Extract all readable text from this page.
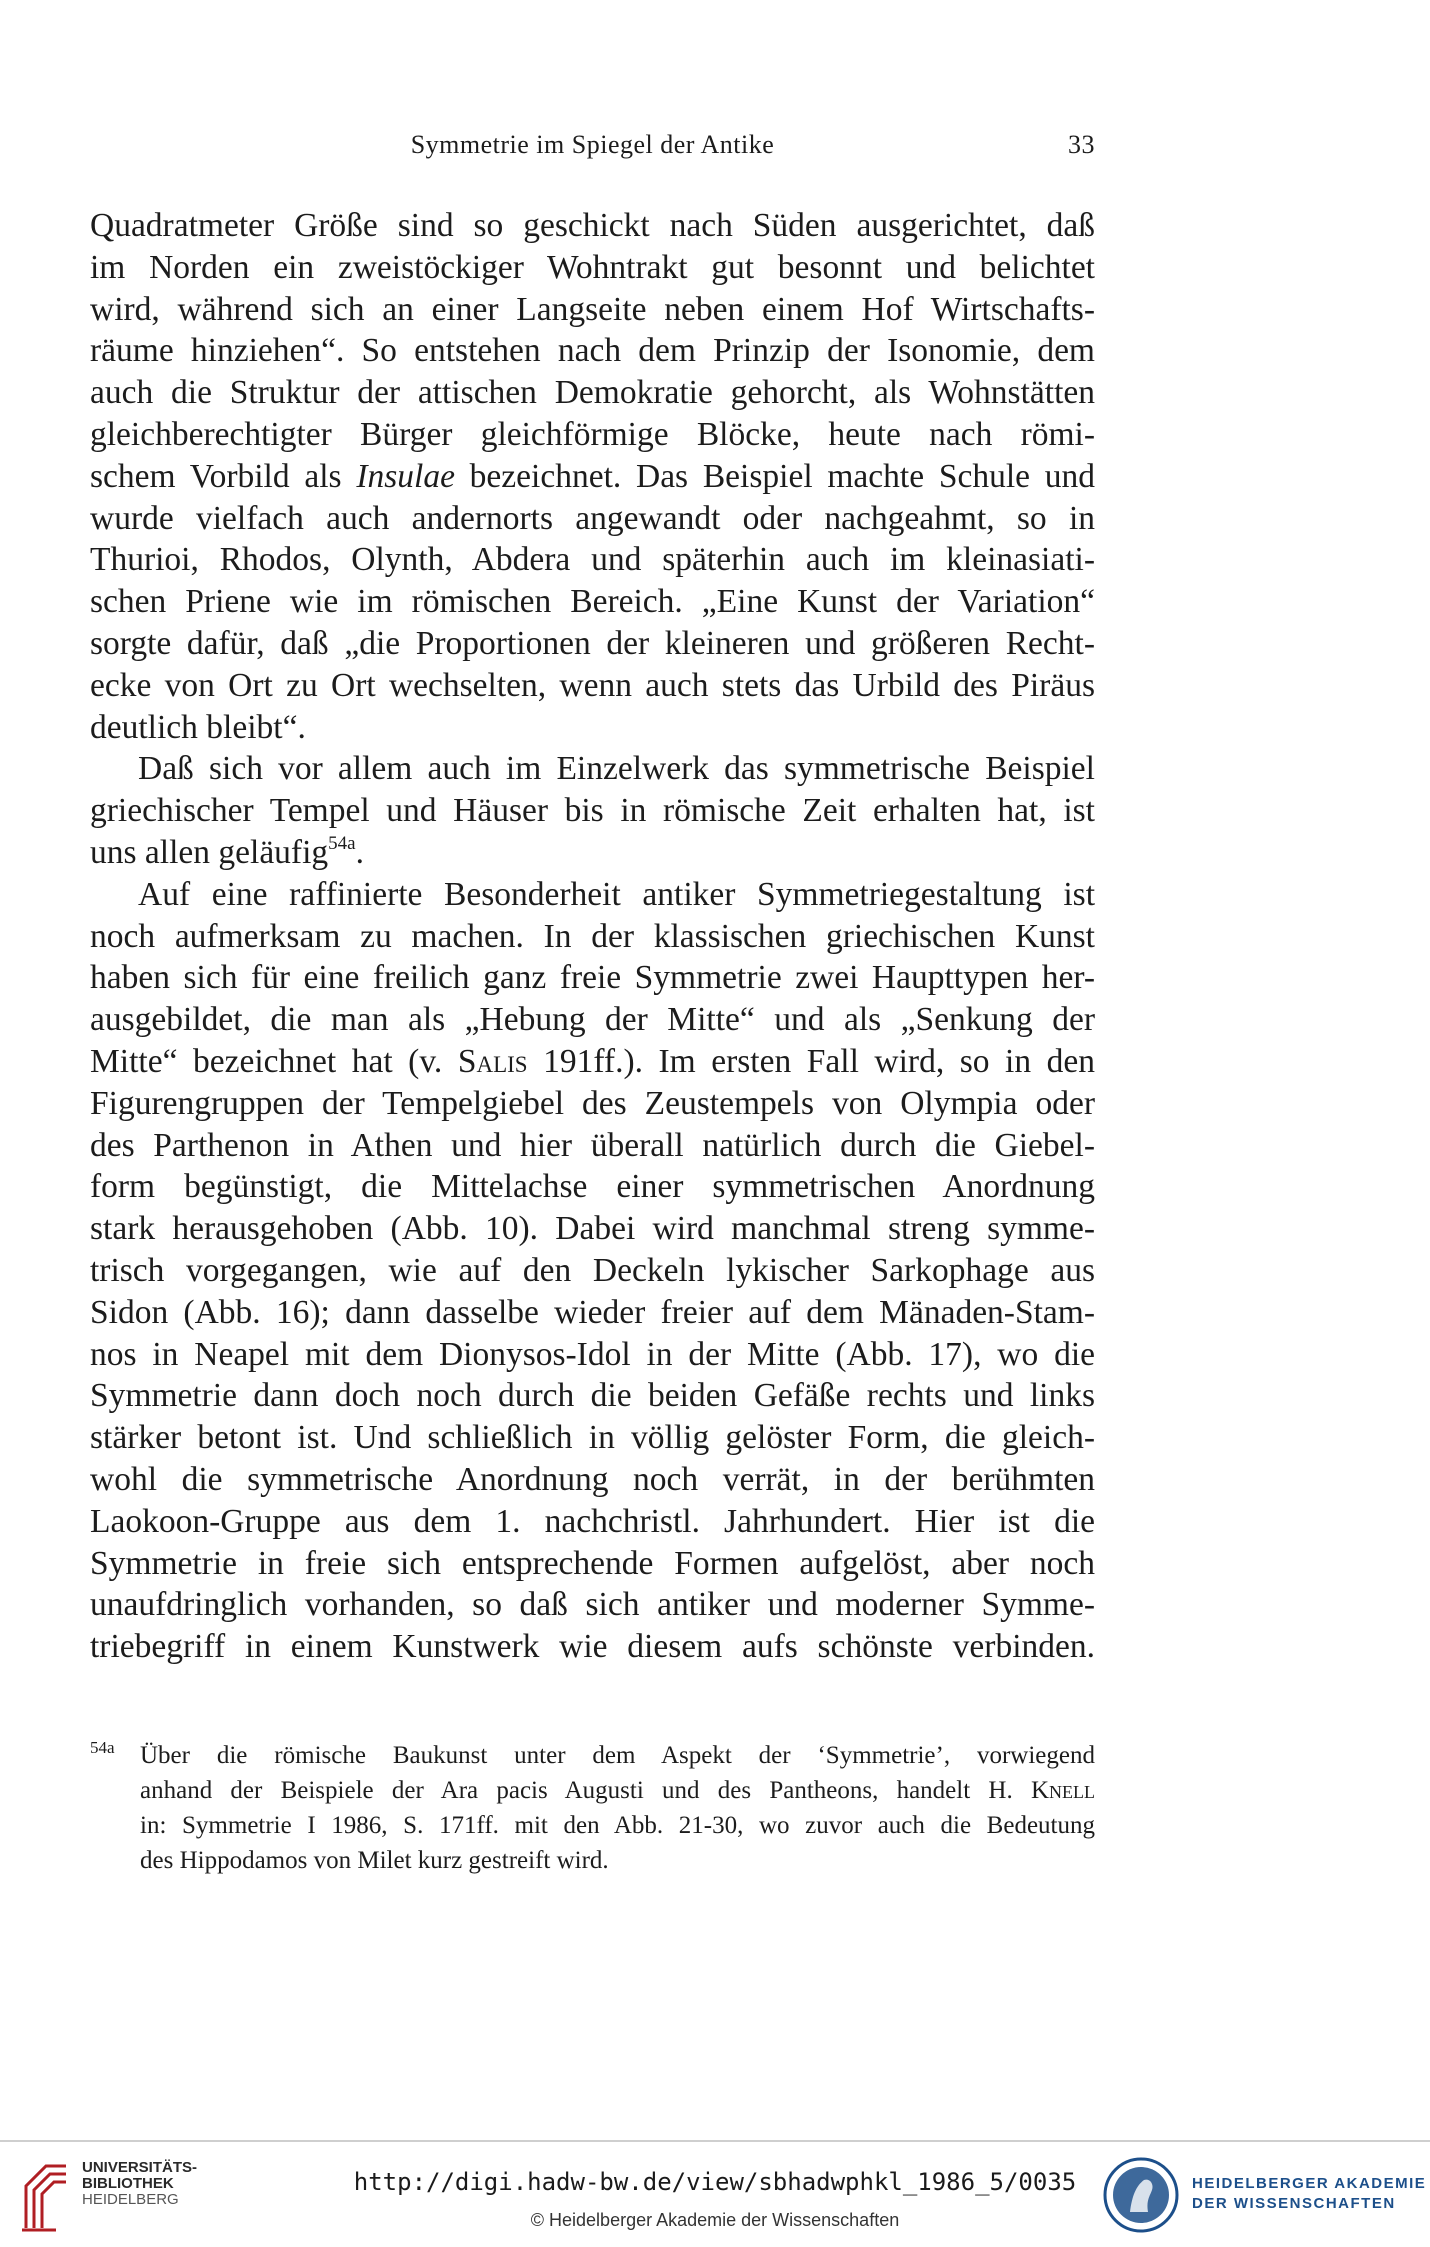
Symmetrie im Spiegel der Antike	33
Quadratmeter Größe sind so geschickt nach Süden ausgerichtet, daß
im Norden ein zweistöckiger Wohntrakt gut besonnt und belichtet
wird, während sich an einer Langseite neben einem Hof Wirtschafts-
räume hinziehen“. So entstehen nach dem Prinzip der Isonomie, dem
auch die Struktur der attischen Demokratie gehorcht, als Wohnstätten
gleichberechtigter Bürger gleichförmige Blöcke, heute nach römi-
schem Vorbild als Insulae bezeichnet. Das Beispiel machte Schule und
wurde vielfach auch andernorts angewandt oder nachgeahmt, so in
Thurioi, Rhodos, Olynth, Abdera und späterhin auch im kleinasiati-
schen Priene wie im römischen Bereich. „Eine Kunst der Variation“
sorgte dafür, daß „die Proportionen der kleineren und größeren Recht-
ecke von Ort zu Ort wechselten, wenn auch stets das Urbild des Piräus
deutlich bleibt“.
Daß sich vor allem auch im Einzelwerk das symmetrische Beispiel
griechischer Tempel und Häuser bis in römische Zeit erhalten hat, ist
uns allen geläufig$^{54a}$.
Auf eine raffinierte Besonderheit antiker Symmetriegestaltung ist
noch aufmerksam zu machen. In der klassischen griechischen Kunst
haben sich für eine freilich ganz freie Symmetrie zwei Haupttypen her-
ausgebildet, die man als „Hebung der Mitte“ und als „Senkung der
Mitte“ bezeichnet hat (v. Salis 191ff.). Im ersten Fall wird, so in den
Figurengruppen der Tempelgiebel des Zeustempels von Olympia oder
des Parthenon in Athen und hier überall natürlich durch die Giebel-
form begünstigt, die Mittelachse einer symmetrischen Anordnung
stark herausgehoben (Abb. 10). Dabei wird manchmal streng symme-
trisch vorgegangen, wie auf den Deckeln lykischer Sarkophage aus
Sidon (Abb. 16); dann dasselbe wieder freier auf dem Mänaden-Stam-
nos in Neapel mit dem Dionysos-Idol in der Mitte (Abb. 17), wo die
Symmetrie dann doch noch durch die beiden Gefäße rechts und links
stärker betont ist. Und schließlich in völlig gelöster Form, die gleich-
wohl die symmetrische Anordnung noch verrät, in der berühmten
Laokoon-Gruppe aus dem 1. nachchristl. Jahrhundert. Hier ist die
Symmetrie in freie sich entsprechende Formen aufgelöst, aber noch
unaufdringlich vorhanden, so daß sich antiker und moderner Symme-
triebegriff in einem Kunstwerk wie diesem aufs schönste verbinden.
54a	Über die römische Baukunst unter dem Aspekt der ‘Symmetrie’, vorwiegend
anhand der Beispiele der Ara pacis Augusti und des Pantheons, handelt H. Knell
in: Symmetrie I 1986, S. 171ff. mit den Abb. 21-30, wo zuvor auch die Bedeutung
des Hippodamos von Milet kurz gestreift wird.
UNIVERSITÄTS-
BIBLIOTHEK
HEIDELBERG
http://digi.hadw-bw.de/view/sbhadwphkl_1986_5/0035
© Heidelberger Akademie der Wissenschaften
HEIDELBERGER AKADEMIE
DER WISSENSCHAFTEN
